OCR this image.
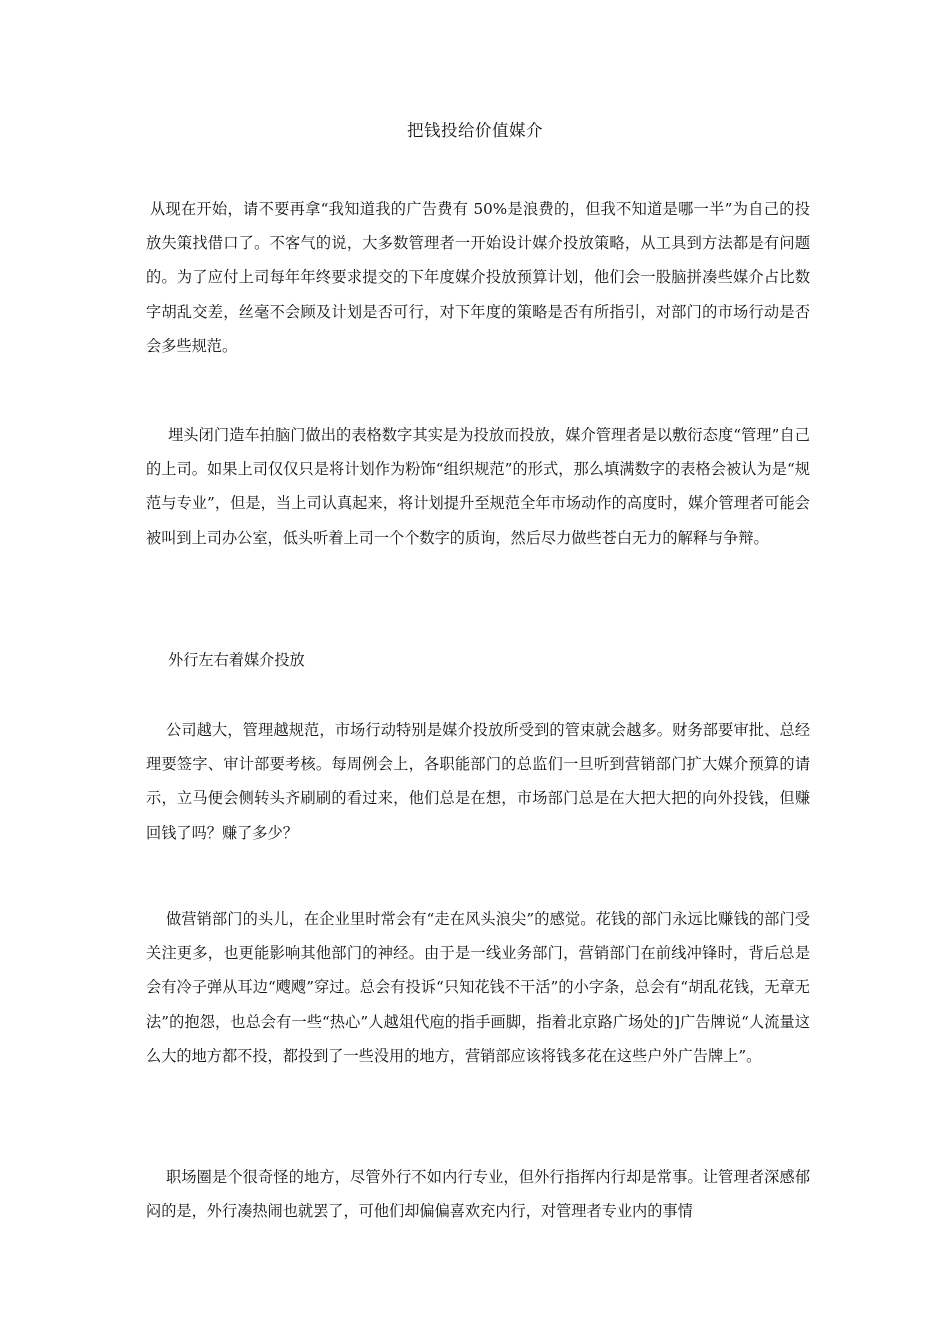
把钱投给价值媒介
从现在开始，请不要再拿“我知道我的广告费有 50%是浪费的，但我不知道是哪一半”为自己的投放失策找借口了。不客气的说，大多数管理者一开始设计媒介投放策略，从工具到方法都是有问题的。为了应付上司每年年终要求提交的下年度媒介投放预算计划，他们会一股脑拼凑些媒介占比数字胡乱交差，丝毫不会顾及计划是否可行，对下年度的策略是否有所指引，对部门的市场行动是否会多些规范。
埋头闭门造车拍脑门做出的表格数字其实是为投放而投放，媒介管理者是以敷衍态度“管理”自己的上司。如果上司仅仅只是将计划作为粉饰“组织规范”的形式，那么填满数字的表格会被认为是“规范与专业”，但是，当上司认真起来，将计划提升至规范全年市场动作的高度时，媒介管理者可能会被叫到上司办公室，低头听着上司一个个数字的质询，然后尽力做些苍白无力的解释与争辩。
外行左右着媒介投放
公司越大，管理越规范，市场行动特别是媒介投放所受到的管束就会越多。财务部要审批、总经理要签字、审计部要考核。每周例会上，各职能部门的总监们一旦听到营销部门扩大媒介预算的请示，立马便会侧转头齐刷刷的看过来，他们总是在想，市场部门总是在大把大把的向外投钱，但赚回钱了吗？赚了多少？
做营销部门的头儿，在企业里时常会有“走在风头浪尖”的感觉。花钱的部门永远比赚钱的部门受关注更多，也更能影响其他部门的神经。由于是一线业务部门，营销部门在前线冲锋时，背后总是会有冷子弹从耳边“飕飕”穿过。总会有投诉“只知花钱不干活”的小字条，总会有“胡乱花钱，无章无法”的抱怨，也总会有一些“热心”人越俎代庖的指手画脚，指着北京路广场处的]广告牌说“人流量这么大的地方都不投，都投到了一些没用的地方，营销部应该将钱多花在这些户外广告牌上”。
职场圈是个很奇怪的地方，尽管外行不如内行专业，但外行指挥内行却是常事。让管理者深感郁闷的是，外行凑热闹也就罢了，可他们却偏偏喜欢充内行，对管理者专业内的事情
